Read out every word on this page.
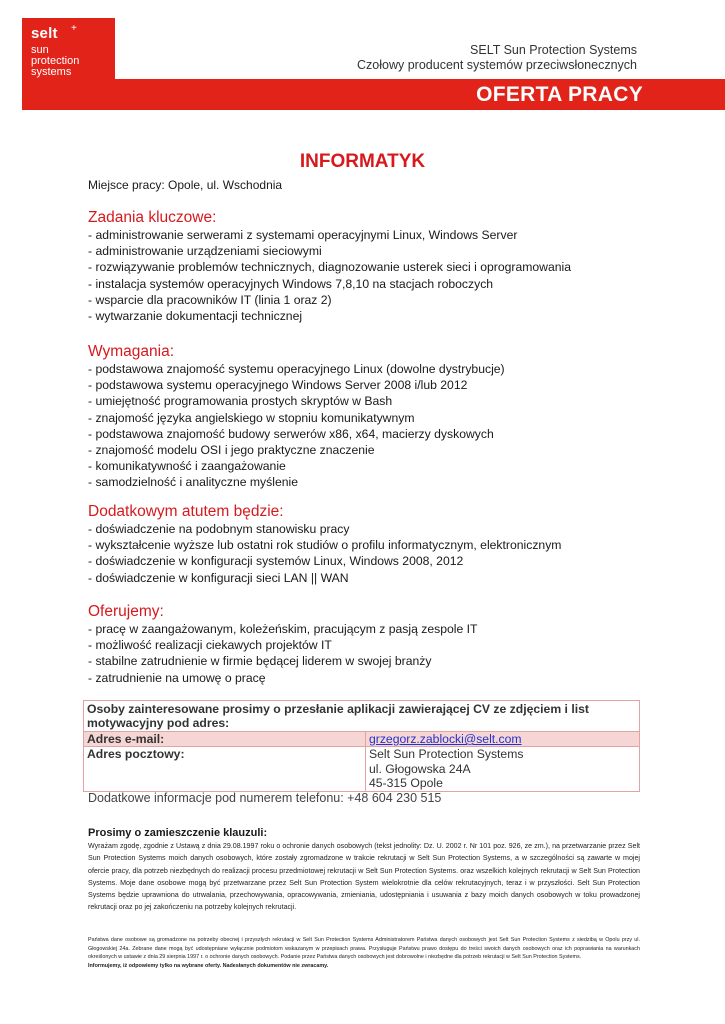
selt +
sun
protection
systems
SELT Sun Protection Systems
Czołowy producent systemów przeciwsłonecznych
OFERTA PRACY
INFORMATYK
Miejsce pracy: Opole, ul. Wschodnia
Zadania kluczowe:
- administrowanie serwerami z systemami operacyjnymi Linux, Windows Server
- administrowanie urządzeniami sieciowymi
- rozwiązywanie problemów technicznych, diagnozowanie usterek sieci i oprogramowania
- instalacja systemów operacyjnych Windows 7,8,10 na stacjach roboczych
- wsparcie dla pracowników IT (linia 1 oraz 2)
- wytwarzanie dokumentacji technicznej
Wymagania:
- podstawowa znajomość systemu operacyjnego Linux (dowolne dystrybucje)
- podstawowa systemu operacyjnego Windows Server 2008 i/lub 2012
- umiejętność programowania prostych skryptów w Bash
- znajomość języka angielskiego w stopniu komunikatywnym
- podstawowa znajomość budowy serwerów x86, x64, macierzy dyskowych
- znajomość modelu OSI i jego praktyczne znaczenie
- komunikatywność i zaangażowanie
- samodzielność i analityczne myślenie
Dodatkowym atutem będzie:
- doświadczenie na podobnym stanowisku pracy
- wykształcenie wyższe lub ostatni rok studiów o profilu informatycznym, elektronicznym
- doświadczenie w konfiguracji systemów Linux, Windows 2008, 2012
- doświadczenie w konfiguracji sieci LAN || WAN
Oferujemy:
- pracę w zaangażowanym, koleżeńskim, pracującym z pasją zespole IT
- możliwość realizacji ciekawych projektów IT
- stabilne zatrudnienie w firmie będącej liderem w swojej branży
- zatrudnienie na umowę o pracę
Osoby zainteresowane prosimy o przesłanie aplikacji zawierającej CV ze zdjęciem i list motywacyjny pod adres:	
Adres e-mail:	grzegorz.zablocki@selt.com
Adres pocztowy:	Selt Sun Protection Systems
ul. Głogowska 24A
45-315 Opole
Dodatkowe informacje pod numerem telefonu: +48 604 230 515
Prosimy o zamieszczenie klauzuli:
Wyrażam zgodę, zgodnie z Ustawą z dnia 29.08.1997 roku o ochronie danych osobowych (tekst jednolity: Dz. U. 2002 r. Nr 101 poz. 926, ze zm.), na przetwarzanie przez Selt Sun Protection Systems moich danych osobowych, które zostały zgromadzone w trakcie rekrutacji w Selt Sun Protection Systems, a w szczególności są zawarte w mojej ofercie pracy, dla potrzeb niezbędnych do realizacji procesu przedmiotowej rekrutacji w Selt Sun Protection Systems. oraz wszelkich kolejnych rekrutacji w Selt Sun Protection Systems. Moje dane osobowe mogą być przetwarzane przez Selt Sun Protection System wielokrotnie dla celów rekrutacyjnych, teraz i w przyszłości. Selt Sun Protection Systems będzie uprawniona do utrwalania, przechowywania, opracowywania, zmieniania, udostępniania i usuwania z bazy moich danych osobowych w toku prowadzonej rekrutacji oraz po jej zakończeniu na potrzeby kolejnych rekrutacji.
Państwa dane osobowe są gromadzone na potrzeby obecnej i przyszłych rekrutacji w Selt Sun Protection Systems Administratorem Państwa danych osobowych jest Selt Sun Protection Systems z siedzibą w Opolu przy ul. Głogowskiej 24a. Zebrane dane mogą być udostępniane wyłącznie podmiotom wskazanym w przepisach prawa. Przysługuje Państwu prawo dostępu do treści swoich danych osobowych oraz ich poprawiania na warunkach określonych w ustawie z dnia 29 sierpnia 1997 r. o ochronie danych osobowych. Podanie przez Państwa danych osobowych jest dobrowolne i niezbędne dla potrzeb rekrutacji w Selt Sun Protection Systems.
Informujemy, iż odpowiemy tylko na wybrane oferty. Nadesłanych dokumentów nie zwracamy.
